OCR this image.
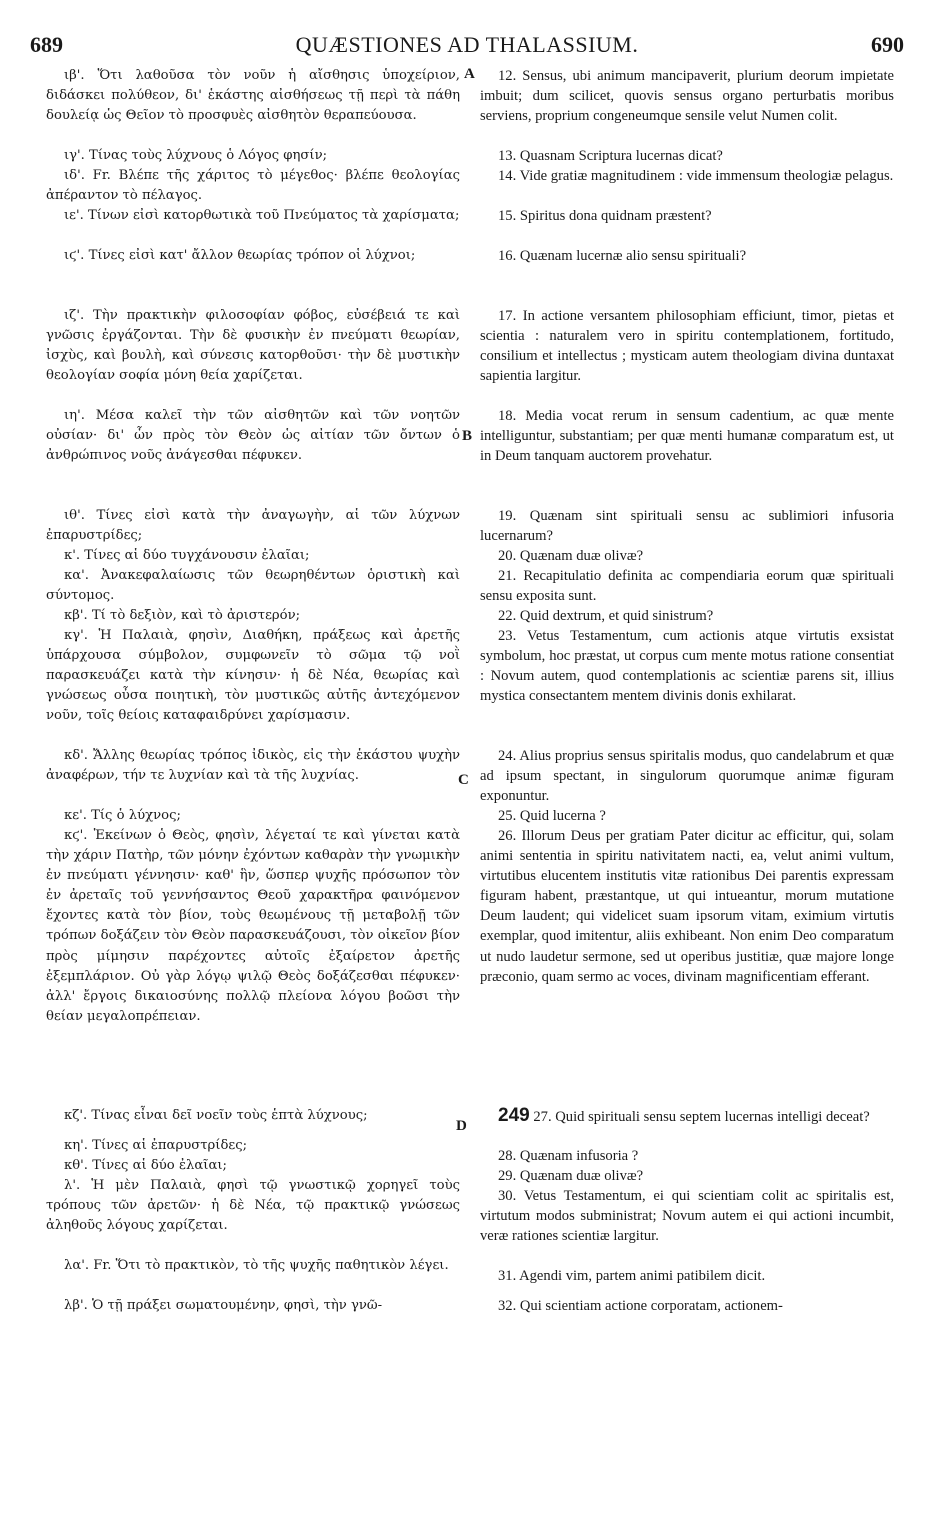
689	QUÆSTIONES AD THALASSIUM.	690
A
B
C
D

ιβ'. Ὅτι λαθοῦσα τὸν νοῦν ἡ αἴσθησις ὑποχείριον, διδάσκει πολύθεον, δι' ἑκάστης αἰσθήσεως τῇ περὶ τὰ πάθη δουλείᾳ ὡς Θεῖον τὸ προσφυὲς αἰσθητὸν θεραπεύουσα.

ιγ'. Τίνας τοὺς λύχνους ὁ Λόγος φησίν;

ιδ'. Fr. Βλέπε τῆς χάριτος τὸ μέγεθος· βλέπε θεολογίας ἀπέραντον τὸ πέλαγος.

ιε'. Τίνων εἰσὶ κατορθωτικὰ τοῦ Πνεύματος τὰ χαρίσματα;

ιϛ'. Τίνες εἰσὶ κατ' ἄλλον θεωρίας τρόπον οἱ λύχνοι;

ιζ'. Τὴν πρακτικὴν φιλοσοφίαν φόβος, εὐσέβειά τε καὶ γνῶσις ἐργάζονται. Τὴν δὲ φυσικὴν ἐν πνεύματι θεωρίαν, ἰσχὺς, καὶ βουλὴ, καὶ σύνεσις κατορθοῦσι· τὴν δὲ μυστικὴν θεολογίαν σοφία μόνη θεία χαρίζεται.

ιη'. Μέσα καλεῖ τὴν τῶν αἰσθητῶν καὶ τῶν νοητῶν οὐσίαν· δι' ὧν πρὸς τὸν Θεὸν ὡς αἰτίαν τῶν ὄντων ὁ ἀνθρώπινος νοῦς ἀνάγεσθαι πέφυκεν.

ιθ'. Τίνες εἰσὶ κατὰ τὴν ἀναγωγὴν, αἱ τῶν λύχνων ἐπαρυστρίδες;

κ'. Τίνες αἱ δύο τυγχάνουσιν ἐλαῖαι;

κα'. Ἀνακεφαλαίωσις τῶν θεωρηθέντων ὁριστικὴ καὶ σύντομος.

κβ'. Τί τὸ δεξιὸν, καὶ τὸ ἀριστερόν;

κγ'. Ἡ Παλαιὰ, φησὶν, Διαθήκη, πράξεως καὶ ἀρετῆς ὑπάρχουσα σύμβολον, συμφωνεῖν τὸ σῶμα τῷ νοῒ παρασκευάζει κατὰ τὴν κίνησιν· ἡ δὲ Νέα, θεωρίας καὶ γνώσεως οὖσα ποιητικὴ, τὸν μυστικῶς αὐτῆς ἀντεχόμενον νοῦν, τοῖς θείοις καταφαιδρύνει χαρίσμασιν.

κδ'. Ἄλλης θεωρίας τρόπος ἰδικὸς, εἰς τὴν ἑκάστου ψυχὴν ἀναφέρων, τήν τε λυχνίαν καὶ τὰ τῆς λυχνίας.

κε'. Τίς ὁ λύχνος;

κϛ'. Ἐκείνων ὁ Θεὸς, φησὶν, λέγεταί τε καὶ γίνεται κατὰ τὴν χάριν Πατὴρ, τῶν μόνην ἐχόντων καθαρὰν τὴν γνωμικὴν ἐν πνεύματι γέννησιν· καθ' ἣν, ὥσπερ ψυχῆς πρόσωπον τὸν ἐν ἀρεταῖς τοῦ γεννήσαντος Θεοῦ χαρακτῆρα φαινόμενον ἔχοντες κατὰ τὸν βίον, τοὺς θεωμένους τῇ μεταβολῇ τῶν τρόπων δοξάζειν τὸν Θεὸν παρασκευάζουσι, τὸν οἰκεῖον βίον πρὸς μίμησιν παρέχοντες αὐτοῖς ἐξαίρετον ἀρετῆς ἐξεμπλάριον. Οὐ γὰρ λόγῳ ψιλῷ Θεὸς δοξάζεσθαι πέφυκεν· ἀλλ' ἔργοις δικαιοσύνης πολλῷ πλείονα λόγου βοῶσι τὴν θείαν μεγαλοπρέπειαν.

κζ'. Τίνας εἶναι δεῖ νοεῖν τοὺς ἑπτὰ λύχνους;

κη'. Τίνες αἱ ἐπαρυστρίδες;

κθ'. Τίνες αἱ δύο ἐλαῖαι;

λ'. Ἡ μὲν Παλαιὰ, φησὶ τῷ γνωστικῷ χορηγεῖ τοὺς τρόπους τῶν ἀρετῶν· ἡ δὲ Νέα, τῷ πρακτικῷ γνώσεως ἀληθοῦς λόγους χαρίζεται.

λα'. Fr. Ὅτι τὸ πρακτικὸν, τὸ τῆς ψυχῆς παθητικὸν λέγει.

λβ'. Ὁ τῇ πράξει σωματουμένην, φησὶ, τὴν γνῶ-

12. Sensus, ubi animum mancipaverit, plurium deorum impietate imbuit; dum scilicet, quovis sensus organo perturbatis moribus serviens, proprium congeneumque sensile velut Numen colit.

13. Quasnam Scriptura lucernas dicat?

14. Vide gratiæ magnitudinem : vide immensum theologiæ pelagus.

15. Spiritus dona quidnam præstent?

16. Quænam lucernæ alio sensu spirituali?

17. In actione versantem philosophiam efficiunt, timor, pietas et scientia : naturalem vero in spiritu contemplationem, fortitudo, consilium et intellectus ; mysticam autem theologiam divina duntaxat sapientia largitur.

18. Media vocat rerum in sensum cadentium, ac quæ mente intelliguntur, substantiam; per quæ menti humanæ comparatum est, ut in Deum tanquam auctorem provehatur.

19. Quænam sint spirituali sensu ac sublimiori infusoria lucernarum?

20. Quænam duæ olivæ?

21. Recapitulatio definita ac compendiaria eorum quæ spirituali sensu exposita sunt.

22. Quid dextrum, et quid sinistrum?

23. Vetus Testamentum, cum actionis atque virtutis exsistat symbolum, hoc præstat, ut corpus cum mente motus ratione consentiat : Novum autem, quod contemplationis ac scientiæ parens sit, illius mystica consectantem mentem divinis donis exhilarat.

24. Alius proprius sensus spiritalis modus, quo candelabrum et quæ ad ipsum spectant, in singulorum quorumque animæ figuram exponuntur.

25. Quid lucerna ?

26. Illorum Deus per gratiam Pater dicitur ac efficitur, qui, solam animi sententia in spiritu nativitatem nacti, ea, velut animi vultum, virtutibus elucentem institutis vitæ rationibus Dei parentis expressam figuram habent, præstantque, ut qui intueantur, morum mutatione Deum laudent; qui videlicet suam ipsorum vitam, eximium virtutis exemplar, quod imitentur, aliis exhibeant. Non enim Deo comparatum ut nudo laudetur sermone, sed ut operibus justitiæ, quæ majore longe præconio, quam sermo ac voces, divinam magnificentiam efferant.

249 27. Quid spirituali sensu septem lucernas intelligi deceat?

28. Quænam infusoria ?

29. Quænam duæ olivæ?

30. Vetus Testamentum, ei qui scientiam colit ac spiritalis est, virtutum modos subministrat; Novum autem ei qui actioni incumbit, veræ rationes scientiæ largitur.

31. Agendi vim, partem animi patibilem dicit.

32. Qui scientiam actione corporatam, actionem-
